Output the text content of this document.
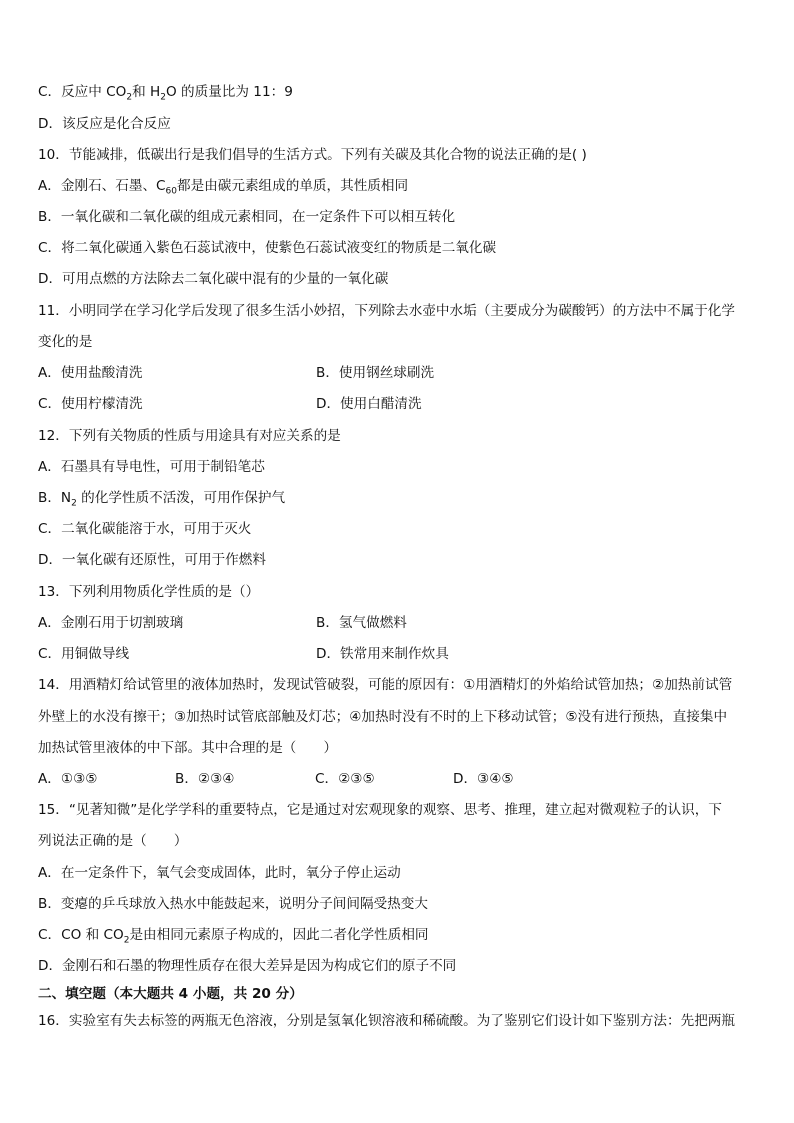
C．反应中 $CO_2$和 $H_2O$ 的质量比为 11：9
D．该反应是化合反应
10．节能减排，低碳出行是我们倡导的生活方式。下列有关碳及其化合物的说法正确的是( )
A．金刚石、石墨、$C_{60}$都是由碳元素组成的单质，其性质相同
B．一氧化碳和二氧化碳的组成元素相同，在一定条件下可以相互转化
C．将二氧化碳通入紫色石蕊试液中，使紫色石蕊试液变红的物质是二氧化碳
D．可用点燃的方法除去二氧化碳中混有的少量的一氧化碳
11．小明同学在学习化学后发现了很多生活小妙招，下列除去水壶中水垢（主要成分为碳酸钙）的方法中不属于化学
变化的是
A．使用盐酸清洗	B．使用钢丝球刷洗
C．使用柠檬清洗	D．使用白醋清洗
12．下列有关物质的性质与用途具有对应关系的是
A．石墨具有导电性，可用于制铅笔芯
B．$N_2$ 的化学性质不活泼，可用作保护气
C．二氧化碳能溶于水，可用于灭火
D．一氧化碳有还原性，可用于作燃料
13．下列利用物质化学性质的是（）
A．金刚石用于切割玻璃	B．氢气做燃料
C．用铜做导线	D．铁常用来制作炊具
14．用酒精灯给试管里的液体加热时，发现试管破裂，可能的原因有：①用酒精灯的外焰给试管加热；②加热前试管
外壁上的水没有擦干；③加热时试管底部触及灯芯；④加热时没有不时的上下移动试管；⑤没有进行预热，直接集中
加热试管里液体的中下部。其中合理的是（　　）
A．①③⑤	B．②③④	C．②③⑤	D．③④⑤
15．“见著知微”是化学学科的重要特点，它是通过对宏观现象的观察、思考、推理，建立起对微观粒子的认识，下
列说法正确的是（　　）
A．在一定条件下，氧气会变成固体，此时，氧分子停止运动
B．变瘪的乒乓球放入热水中能鼓起来，说明分子间间隔受热变大
C．CO 和 $CO_2$是由相同元素原子构成的，因此二者化学性质相同
D．金刚石和石墨的物理性质存在很大差异是因为构成它们的原子不同
二、填空题（本大题共 4 小题，共 20 分）
16．实验室有失去标签的两瓶无色溶液，分别是氢氧化钡溶液和稀硫酸。为了鉴别它们设计如下鉴别方法：先把两瓶
